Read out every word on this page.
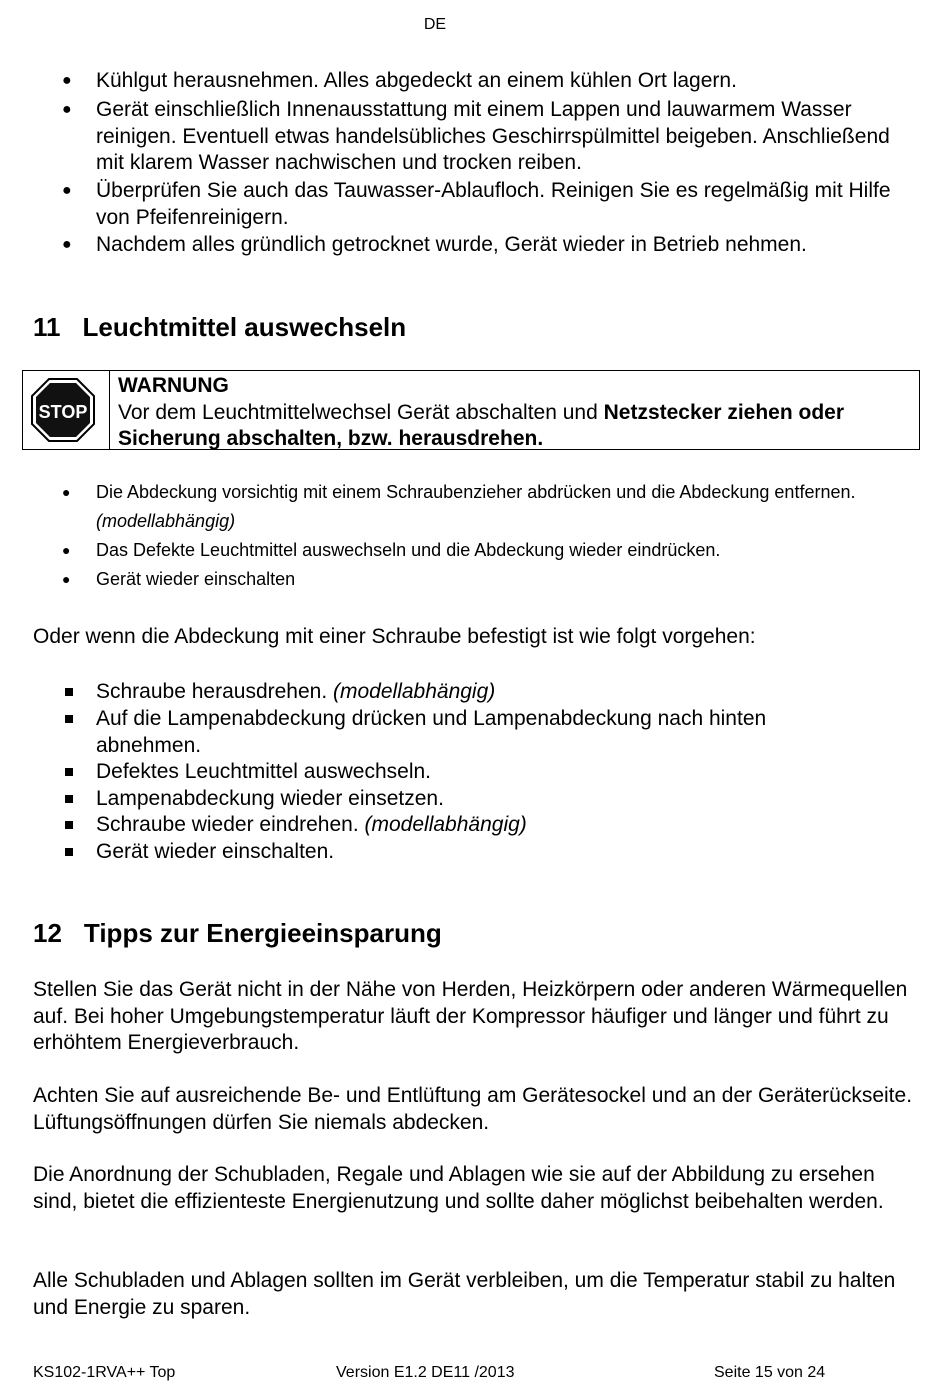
DE
● Kühlgut herausnehmen. Alles abgedeckt an einem kühlen Ort lagern.
● Gerät einschließlich Innenausstattung mit einem Lappen und lauwarmem Wasser reinigen. Eventuell etwas handelsübliches Geschirrspülmittel beigeben. Anschließend mit klarem Wasser nachwischen und trocken reiben.
● Überprüfen Sie auch das Tauwasser-Ablaufloch. Reinigen Sie es regelmäßig mit Hilfe von Pfeifenreinigern.
● Nachdem alles gründlich getrocknet wurde, Gerät wieder in Betrieb nehmen.
11 Leuchtmittel auswechseln
STOP
WARNUNG
Vor dem Leuchtmittelwechsel Gerät abschalten und Netzstecker ziehen oder Sicherung abschalten, bzw. herausdrehen.
● Die Abdeckung vorsichtig mit einem Schraubenzieher abdrücken und die Abdeckung entfernen. (modellabhängig)
● Das Defekte Leuchtmittel auswechseln und die Abdeckung wieder eindrücken.
● Gerät wieder einschalten
Oder wenn die Abdeckung mit einer Schraube befestigt ist wie folgt vorgehen:
Schraube herausdrehen. (modellabhängig)
Auf die Lampenabdeckung drücken und Lampenabdeckung nach hinten abnehmen.
Defektes Leuchtmittel auswechseln.
Lampenabdeckung wieder einsetzen.
Schraube wieder eindrehen. (modellabhängig)
Gerät wieder einschalten.
12 Tipps zur Energieeinsparung
Stellen Sie das Gerät nicht in der Nähe von Herden, Heizkörpern oder anderen Wärmequellen auf. Bei hoher Umgebungstemperatur läuft der Kompressor häufiger und länger und führt zu erhöhtem Energieverbrauch.
Achten Sie auf ausreichende Be- und Entlüftung am Gerätesockel und an der Geräterückseite. Lüftungsöffnungen dürfen Sie niemals abdecken.
Die Anordnung der Schubladen, Regale und Ablagen wie sie auf der Abbildung zu ersehen sind, bietet die effizienteste Energienutzung und sollte daher möglichst beibehalten werden.
Alle Schubladen und Ablagen sollten im Gerät verbleiben, um die Temperatur stabil zu halten und Energie zu sparen.
KS102-1RVA++ Top	Version E1.2 DE11 /2013	Seite 15 von 24
